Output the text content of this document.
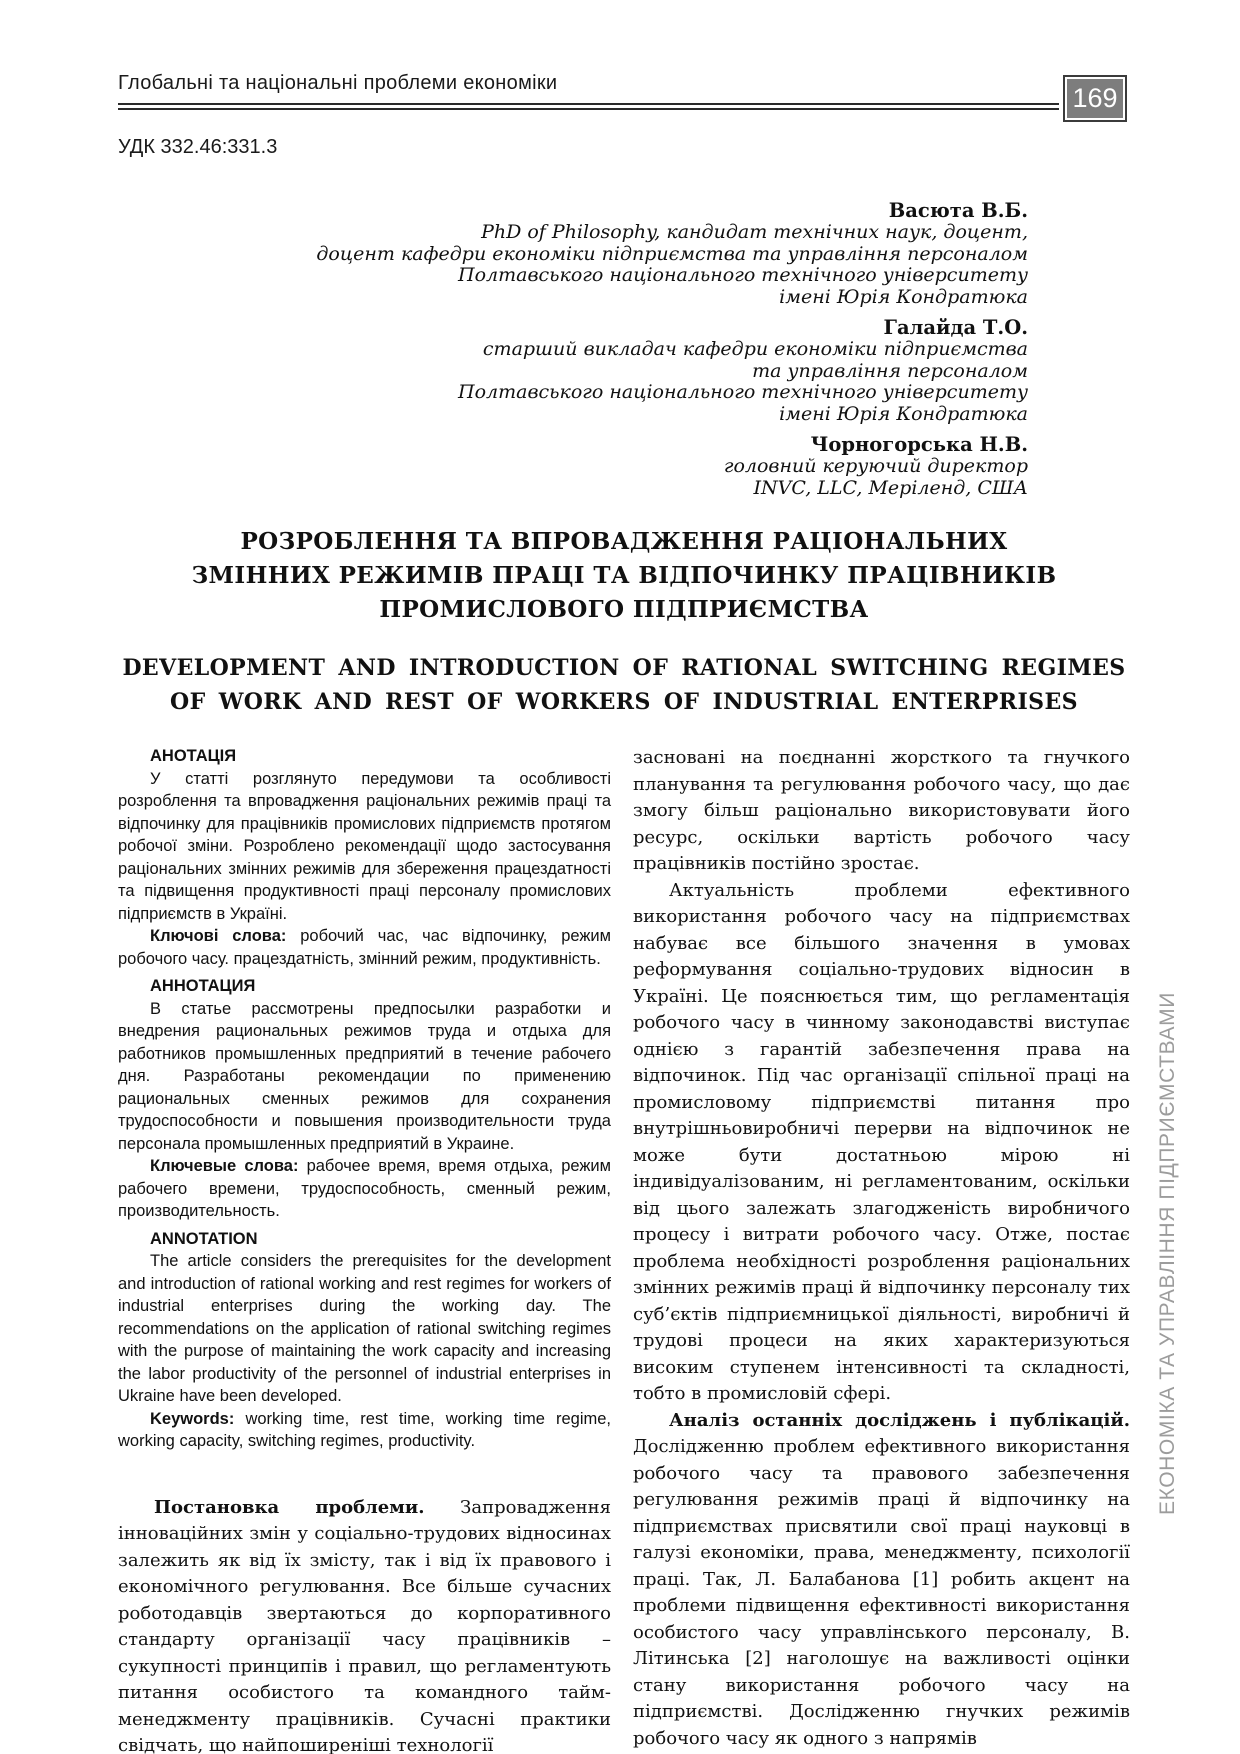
Глобальні та національні проблеми економіки	169
УДК 332.46:331.3
Васюта В.Б.
PhD of Philosophy, кандидат технічних наук, доцент,
доцент кафедри економіки підприємства та управління персоналом
Полтавського національного технічного університету
імені Юрія Кондратюка
Галайда Т.О.
старший викладач кафедри економіки підприємства
та управління персоналом
Полтавського національного технічного університету
імені Юрія Кондратюка
Чорногорська Н.В.
головний керуючий директор
INVC, LLC, Меріленд, США
РОЗРОБЛЕННЯ ТА ВПРОВАДЖЕННЯ РАЦІОНАЛЬНИХ
ЗМІННИХ РЕЖИМІВ ПРАЦІ ТА ВІДПОЧИНКУ ПРАЦІВНИКІВ
ПРОМИСЛОВОГО ПІДПРИЄМСТВА
DEVELOPMENT AND INTRODUCTION OF RATIONAL SWITCHING REGIMES
OF WORK AND REST OF WORKERS OF INDUSTRIAL ENTERPRISES
АНОТАЦІЯ
У статті розглянуто передумови та особливості розроблення та впровадження раціональних режимів праці та відпочинку для працівників промислових підприємств протягом робочої зміни. Розроблено рекомендації щодо застосування раціональних змінних режимів для збереження працездатності та підвищення продуктивності праці персоналу промислових підприємств в Україні.
Ключові слова: робочий час, час відпочинку, режим робочого часу. працездатність, змінний режим, продуктивність.
АННОТАЦИЯ
В статье рассмотрены предпосылки разработки и внедрения рациональных режимов труда и отдыха для работников промышленных предприятий в течение рабочего дня. Разработаны рекомендации по применению рациональных сменных режимов для сохранения трудоспособности и повышения производительности труда персонала промышленных предприятий в Украине.
Ключевые слова: рабочее время, время отдыха, режим рабочего времени, трудоспособность, сменный режим, производительность.
ANNOTATION
The article considers the prerequisites for the development and introduction of rational working and rest regimes for workers of industrial enterprises during the working day. The recommendations on the application of rational switching regimes with the purpose of maintaining the work capacity and increasing the labor productivity of the personnel of industrial enterprises in Ukraine have been developed.
Keywords: working time, rest time, working time regime, working capacity, switching regimes, productivity.
Постановка проблеми. Запровадження інноваційних змін у соціально-трудових відносинах залежить як від їх змісту, так і від їх правового і економічного регулювання. Все більше сучасних роботодавців звертаються до корпоративного стандарту організації часу працівників – сукупності принципів і правил, що регламентують питання особистого та командного тайм-менеджменту працівників. Сучасні практики свідчать, що найпоширеніші технології
засновані на поєднанні жорсткого та гнучкого планування та регулювання робочого часу, що дає змогу більш раціонально використовувати його ресурс, оскільки вартість робочого часу працівників постійно зростає.
Актуальність проблеми ефективного використання робочого часу на підприємствах набуває все більшого значення в умовах реформування соціально-трудових відносин в Україні. Це пояснюється тим, що регламентація робочого часу в чинному законодавстві виступає однією з гарантій забезпечення права на відпочинок. Під час організації спільної праці на промисловому підприємстві питання про внутрішньовиробничі перерви на відпочинок не може бути достатньою мірою ні індивідуалізованим, ні регламентованим, оскільки від цього залежать злагодженість виробничого процесу і витрати робочого часу. Отже, постає проблема необхідності розроблення раціональних змінних режимів праці й відпочинку персоналу тих суб’єктів підприємницької діяльності, виробничі й трудові процеси на яких характеризуються високим ступенем інтенсивності та складності, тобто в промисловій сфері.
Аналіз останніх досліджень і публікацій. Дослідженню проблем ефективного використання робочого часу та правового забезпечення регулювання режимів праці й відпочинку на підприємствах присвятили свої праці науковці в галузі економіки, права, менеджменту, психології праці. Так, Л. Балабанова [1] робить акцент на проблеми підвищення ефективності використання особистого часу управлінського персоналу, В. Літинська [2] наголошує на важливості оцінки стану використання робочого часу на підприємстві. Дослідженню гнучких режимів робочого часу як одного з напрямів
ЕКОНОМІКА ТА УПРАВЛІННЯ ПІДПРИЄМСТВАМИ
